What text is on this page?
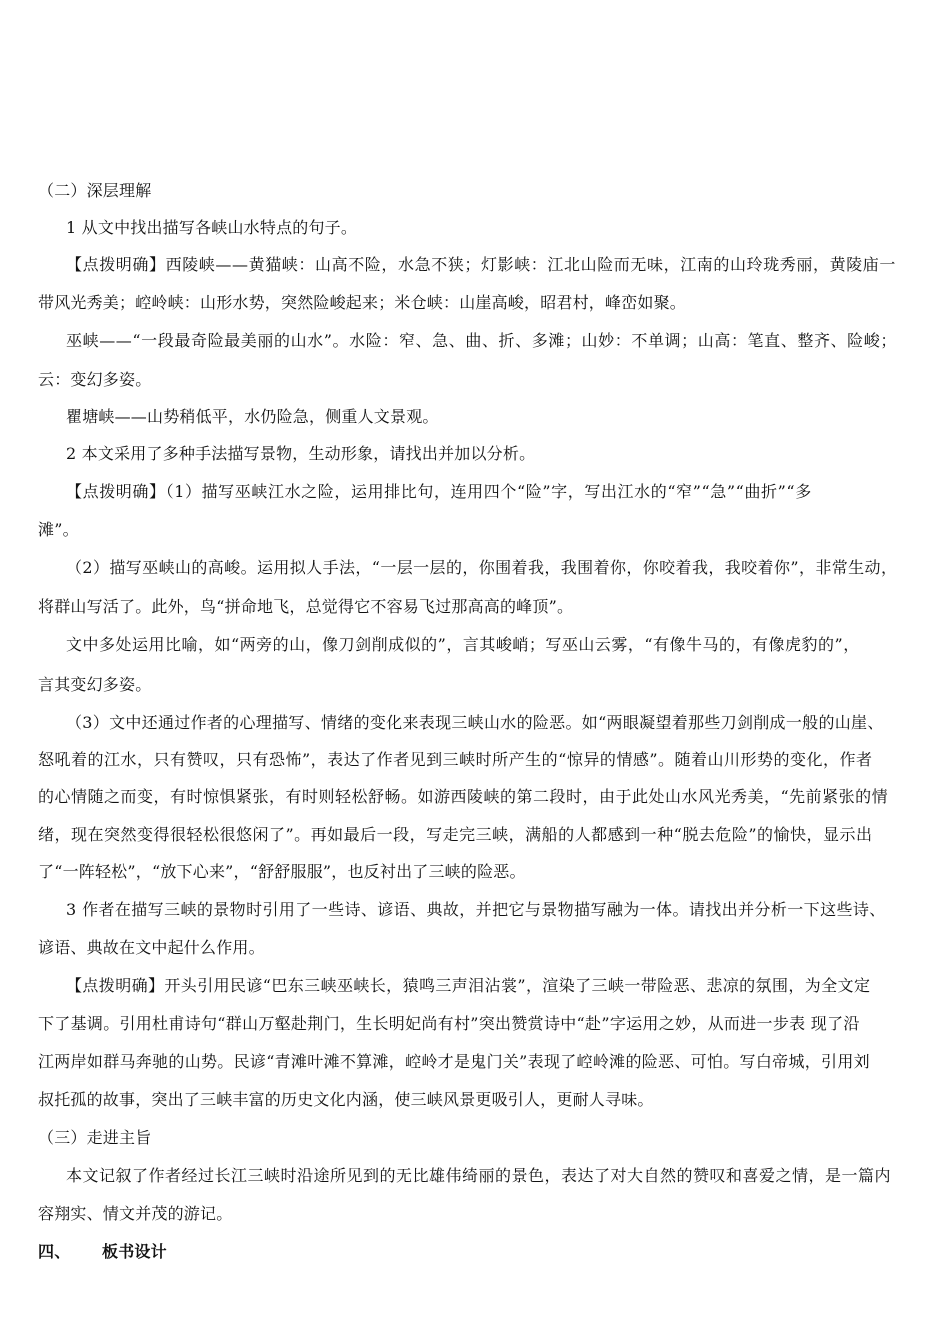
（二）深层理解
1 从文中找出描写各峡山水特点的句子。
【点拨明确】西陵峡——黄猫峡：山高不险，水急不狭；灯影峡：江北山险而无味，江南的山玲珑秀丽，黄陵庙一
带风光秀美；崆岭峡：山形水势，突然险峻起来；米仓峡：山崖高峻，昭君村，峰峦如聚。
巫峡——“一段最奇险最美丽的山水”。水险：窄、急、曲、折、多滩；山妙：不单调；山高：笔直、整齐、险峻；
云：变幻多姿。
瞿塘峡——山势稍低平，水仍险急，侧重人文景观。
2 本文采用了多种手法描写景物，生动形象，请找出并加以分析。
【点拨明确】（1）描写巫峡江水之险，运用排比句，连用四个“险”字，写出江水的“窄”“急”“曲折”“多
滩”。
（2）描写巫峡山的高峻。运用拟人手法，“一层一层的，你围着我，我围着你，你咬着我，我咬着你”，非常生动，
将群山写活了。此外，鸟“拼命地飞，总觉得它不容易飞过那高高的峰顶”。
文中多处运用比喻，如“两旁的山，像刀剑削成似的”，言其峻峭；写巫山云雾，“有像牛马的，有像虎豹的”，
言其变幻多姿。
（3）文中还通过作者的心理描写、情绪的变化来表现三峡山水的险恶。如“两眼凝望着那些刀剑削成一般的山崖、
怒吼着的江水，只有赞叹，只有恐怖”，表达了作者见到三峡时所产生的“惊异的情感”。随着山川形势的变化，作者
的心情随之而变，有时惊惧紧张，有时则轻松舒畅。如游西陵峡的第二段时，由于此处山水风光秀美，“先前紧张的情
绪，现在突然变得很轻松很悠闲了”。再如最后一段，写走完三峡，满船的人都感到一种“脱去危险”的愉快，显示出
了“一阵轻松”，“放下心来”，“舒舒服服”，也反衬出了三峡的险恶。
3 作者在描写三峡的景物时引用了一些诗、谚语、典故，并把它与景物描写融为一体。请找出并分析一下这些诗、
谚语、典故在文中起什么作用。
【点拨明确】开头引用民谚“巴东三峡巫峡长，猿鸣三声泪沾裳”，渲染了三峡一带险恶、悲凉的氛围，为全文定
下了基调。引用杜甫诗句“群山万壑赴荆门，生长明妃尚有村”突出赞赏诗中“赴”字运用之妙，从而进一步表 现了沿
江两岸如群马奔驰的山势。民谚“青滩叶滩不算滩，崆岭才是鬼门关”表现了崆岭滩的险恶、可怕。写白帝城，引用刘
叔托孤的故事，突出了三峡丰富的历史文化内涵，使三峡风景更吸引人，更耐人寻味。
（三）走进主旨
本文记叙了作者经过长江三峡时沿途所见到的无比雄伟绮丽的景色，表达了对大自然的赞叹和喜爱之情，是一篇内
容翔实、情文并茂的游记。
四、 板书设计
